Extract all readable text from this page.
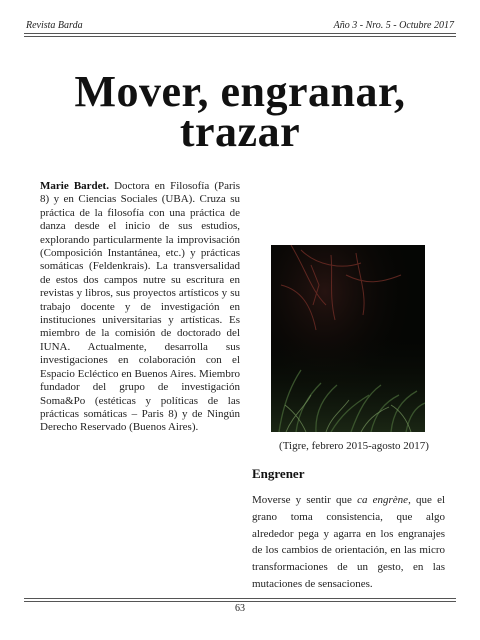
Revista Barda	Año 3 - Nro. 5 - Octubre 2017
Mover, engranar,
trazar
Marie Bardet. Doctora en Filosofía (Paris 8) y en Ciencias Sociales (UBA). Cruza su práctica de la filosofía con una práctica de danza desde el inicio de sus estudios, explorando particularmente la improvisación (Composición Instantánea, etc.) y prácticas somáticas (Feldenkrais). La transversalidad de estos dos campos nutre su escritura en revistas y libros, sus proyectos artísticos y su trabajo docente y de investigación en instituciones universitarias y artísticas. Es miembro de la comisión de doctorado del IUNA. Actualmente, desarrolla sus investigaciones en colaboración con el Espacio Ecléctico en Buenos Aires. Miembro fundador del grupo de investigación Soma&Po (estéticas y políticas de las prácticas somáticas – Paris 8) y de Ningún Derecho Reservado (Buenos Aires).
(Tigre, febrero 2015-agosto 2017)
Engrener
Moverse y sentir que ca engrène, que el grano toma consistencia, que algo alrededor pega y agarra en los engranajes de los cambios de orientación, en las micro transformaciones de un gesto, en las mutaciones de sensaciones.
63
